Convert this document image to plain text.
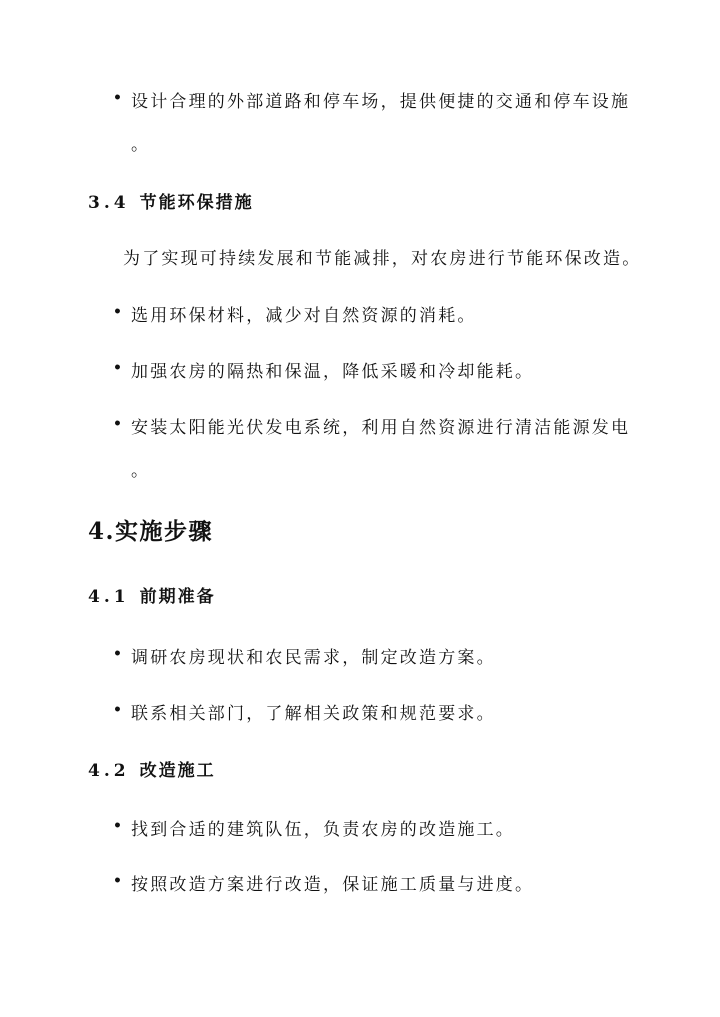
• 设计合理的外部道路和停车场，提供便捷的交通和停车设施
。
3.4 节能环保措施
为了实现可持续发展和节能减排，对农房进行节能环保改造。
• 选用环保材料，减少对自然资源的消耗。
• 加强农房的隔热和保温，降低采暖和冷却能耗。
• 安装太阳能光伏发电系统，利用自然资源进行清洁能源发电
。
4.实施步骤
4.1 前期准备
• 调研农房现状和农民需求，制定改造方案。
• 联系相关部门，了解相关政策和规范要求。
4.2 改造施工
• 找到合适的建筑队伍，负责农房的改造施工。
• 按照改造方案进行改造，保证施工质量与进度。
